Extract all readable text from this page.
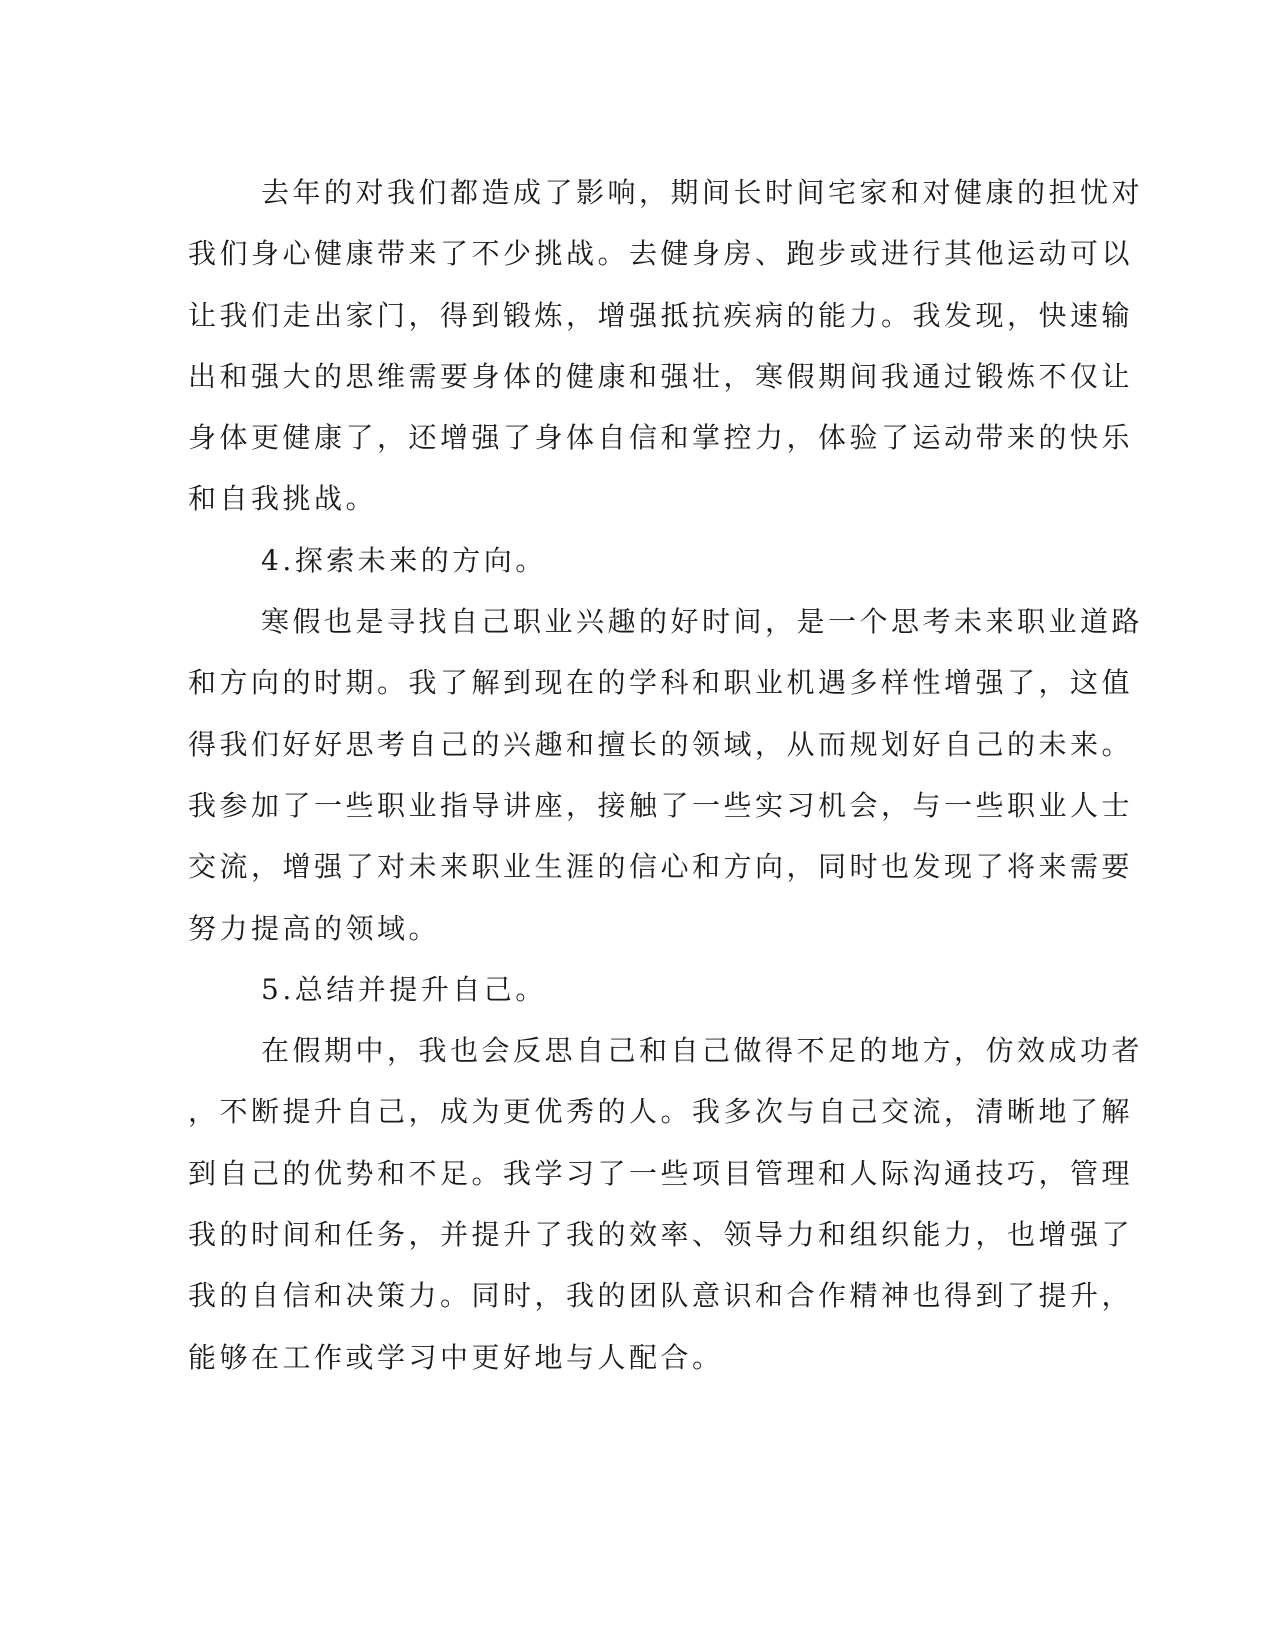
去年的对我们都造成了影响，期间长时间宅家和对健康的担忧对
我们身心健康带来了不少挑战。去健身房、跑步或进行其他运动可以
让我们走出家门，得到锻炼，增强抵抗疾病的能力。我发现，快速输
出和强大的思维需要身体的健康和强壮，寒假期间我通过锻炼不仅让
身体更健康了，还增强了身体自信和掌控力，体验了运动带来的快乐
和自我挑战。
4.探索未来的方向。
寒假也是寻找自己职业兴趣的好时间，是一个思考未来职业道路
和方向的时期。我了解到现在的学科和职业机遇多样性增强了，这值
得我们好好思考自己的兴趣和擅长的领域，从而规划好自己的未来。
我参加了一些职业指导讲座，接触了一些实习机会，与一些职业人士
交流，增强了对未来职业生涯的信心和方向，同时也发现了将来需要
努力提高的领域。
5.总结并提升自己。
在假期中，我也会反思自己和自己做得不足的地方，仿效成功者
，不断提升自己，成为更优秀的人。我多次与自己交流，清晰地了解
到自己的优势和不足。我学习了一些项目管理和人际沟通技巧，管理
我的时间和任务，并提升了我的效率、领导力和组织能力，也增强了
我的自信和决策力。同时，我的团队意识和合作精神也得到了提升，
能够在工作或学习中更好地与人配合。
